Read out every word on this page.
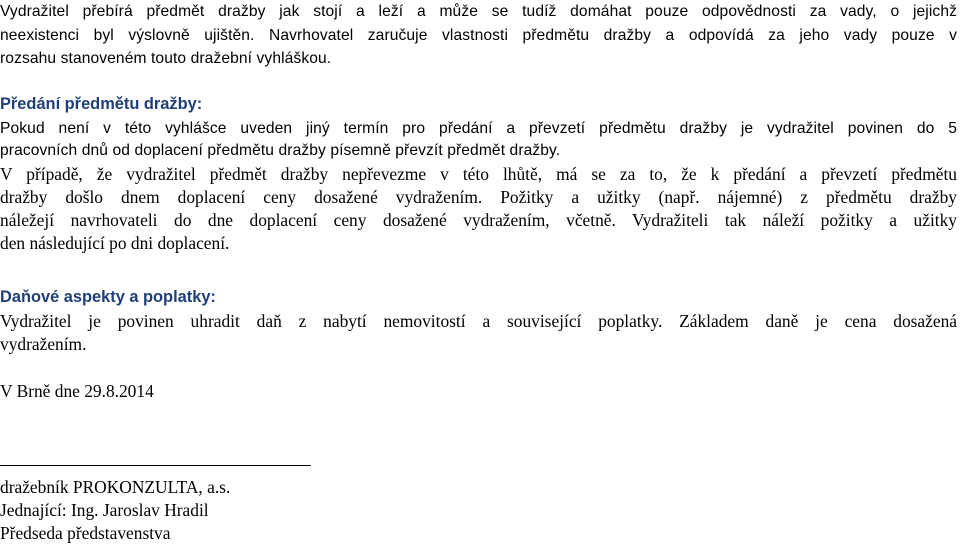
Vydražitel přebírá předmět dražby jak stojí a leží a může se tudíž domáhat pouze odpovědnosti za vady, o jejichž
neexistenci byl výslovně ujištěn. Navrhovatel zaručuje vlastnosti předmětu dražby a odpovídá za jeho vady pouze v
rozsahu stanoveném touto dražební vyhláškou.
Předání předmětu dražby:
Pokud není v této vyhlášce uveden jiný termín pro předání a převzetí předmětu dražby je vydražitel povinen do 5
pracovních dnů od doplacení předmětu dražby písemně převzít předmět dražby.
V případě, že vydražitel předmět dražby nepřevezme v této lhůtě, má se za to, že k předání a převzetí předmětu
dražby došlo dnem doplacení ceny dosažené vydražením. Požitky a užitky (např. nájemné) z předmětu dražby
náležejí navrhovateli do dne doplacení ceny dosažené vydražením, včetně. Vydražiteli tak náleží požitky a užitky
den následující po dni doplacení.
Daňové aspekty a poplatky:
Vydražitel je povinen uhradit daň z nabytí nemovitostí a související poplatky. Základem daně je cena dosažená
vydražením.
V Brně dne 29.8.2014
dražebník PROKONZULTA, a.s.
Jednající: Ing. Jaroslav Hradil
Předseda představenstva
